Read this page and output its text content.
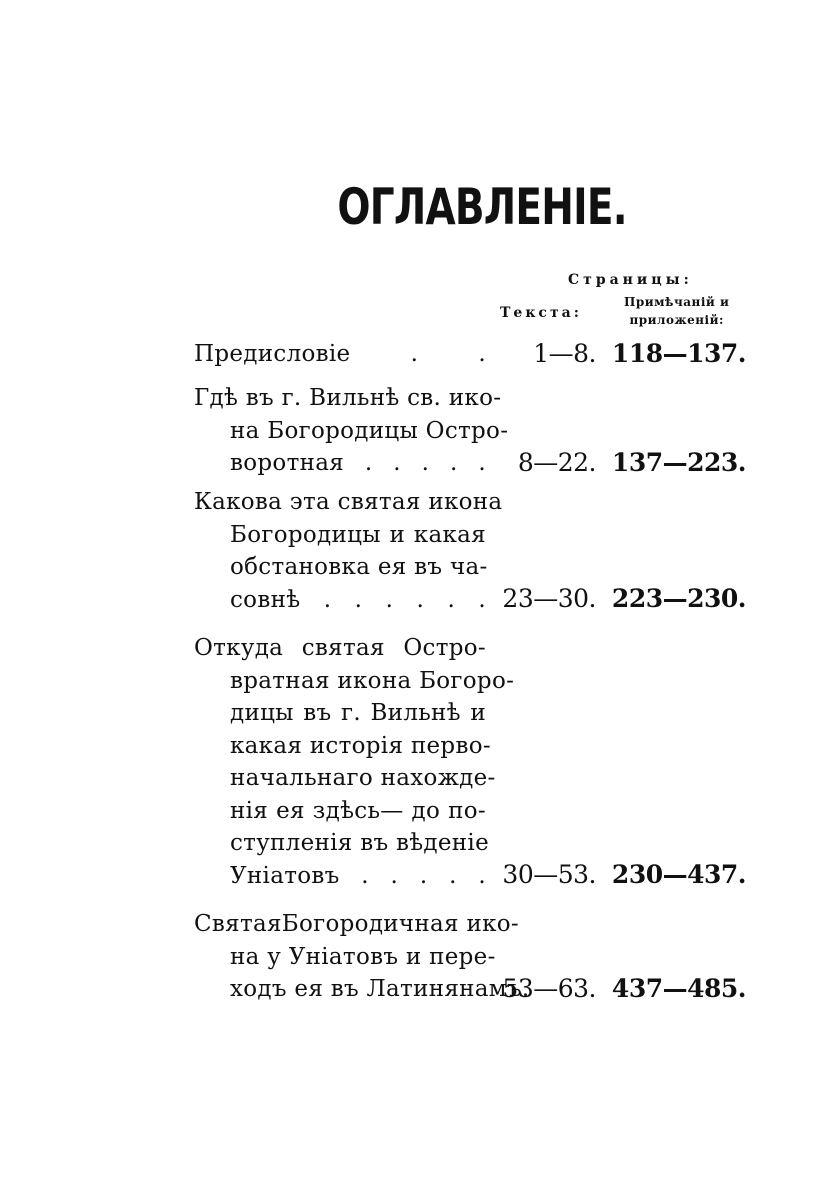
ОГЛАВЛЕНІЕ.
Страницы:
Текста:
Примѣчаній и
приложеній:
Предисловіе . . 1—8. 118—137.
Гдѣ въ г. Вильнѣ св. ико-
на Богородицы Остро-
воротная . . . . . 8—22. 137—223.
Какова эта святая икона
Богородицы и какая
обстановка ея въ ча-
совнѣ . . . . . . 23—30. 223—230.
Откуда святая Остро-
вратная икона Богоро-
дицы въ г. Вильнѣ и
какая исторія перво-
начальнаго нахожде-
нія ея здѣсь— до по-
ступленія въ вѣденіе
Уніатовъ . . . . . 30—53. 230—437.
СвятаяБогородичная ико-
на у Уніатовъ и пере-
ходъ ея въ Латинянамъ.
53—63. 437—485.
